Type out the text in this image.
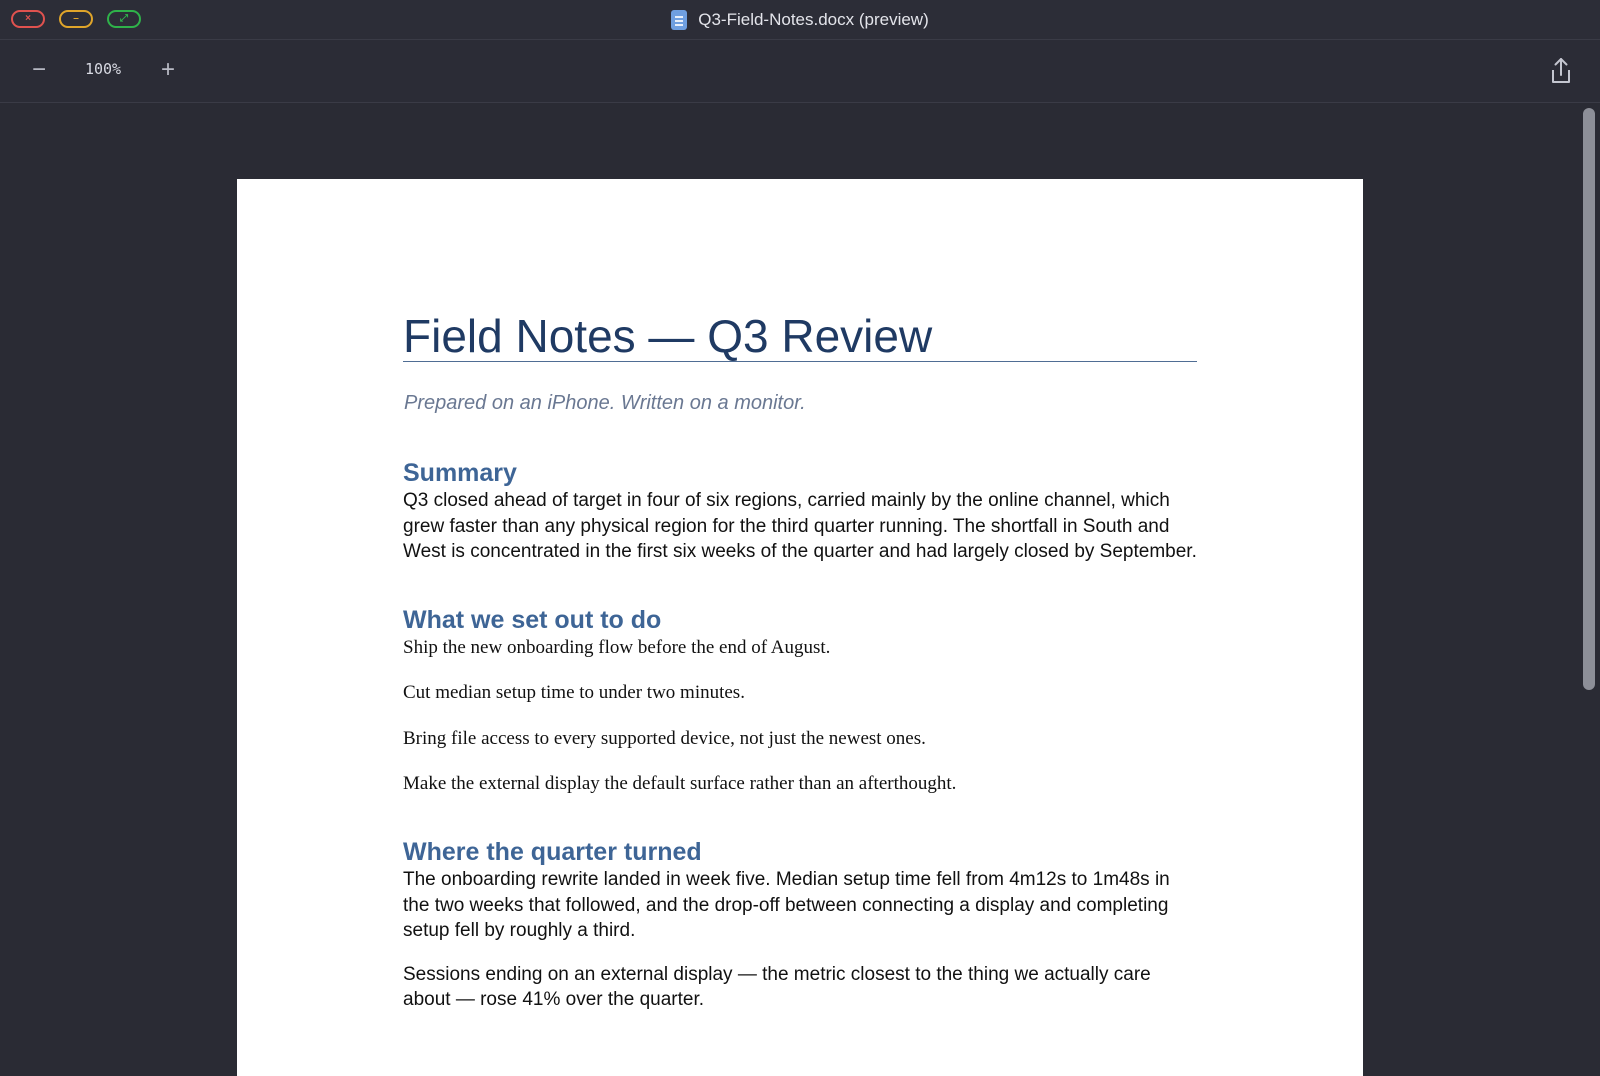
×	–	⤢	Q3-Field-Notes.docx (preview)
−	100%	+
Field Notes — Q3 Review

Prepared on an iPhone. Written on a monitor.

Summary

Q3 closed ahead of target in four of six regions, carried mainly by the online channel, which grew faster than any physical region for the third quarter running. The shortfall in South and West is concentrated in the first six weeks of the quarter and had largely closed by September.

What we set out to do

Ship the new onboarding flow before the end of August.

Cut median setup time to under two minutes.

Bring file access to every supported device, not just the newest ones.

Make the external display the default surface rather than an afterthought.

Where the quarter turned

The onboarding rewrite landed in week five. Median setup time fell from 4m12s to 1m48s in the two weeks that followed, and the drop-off between connecting a display and completing setup fell by roughly a third.

Sessions ending on an external display — the metric closest to the thing we actually care about — rose 41% over the quarter.
